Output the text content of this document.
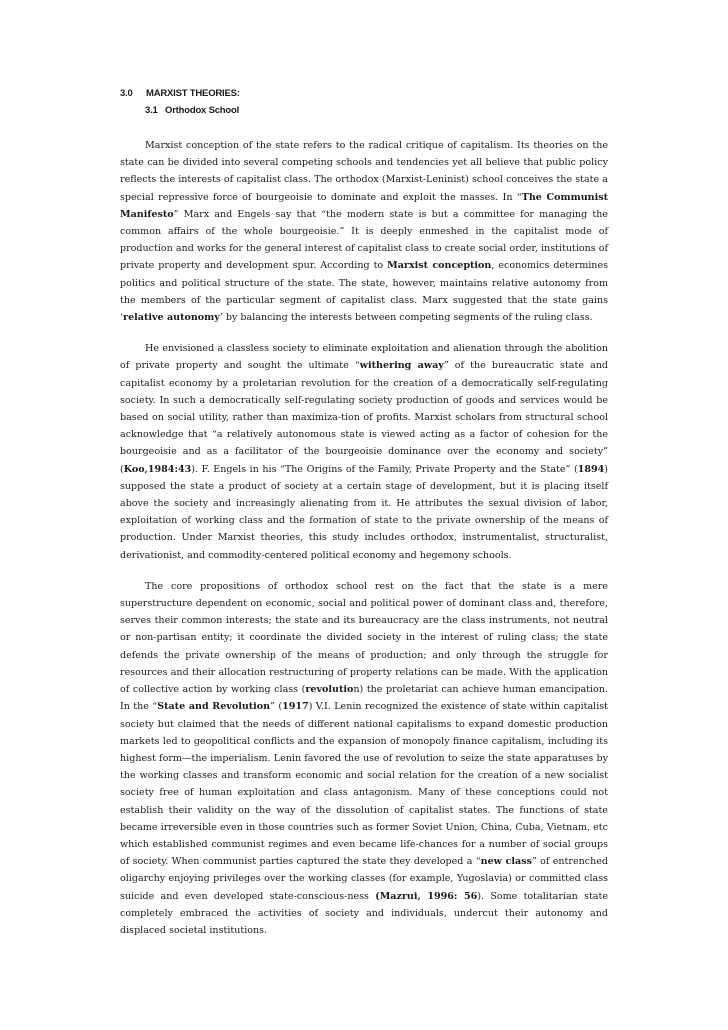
3.0 MARXIST THEORIES:
3.1 Orthodox School

Marxist conception of the state refers to the radical critique of capitalism. Its theories on the state can be divided into several competing schools and tendencies yet all believe that public policy reflects the interests of capitalist class. The orthodox (Marxist-Leninist) school conceives the state a special repressive force of bourgeoisie to dominate and exploit the masses. In “The Communist Manifesto” Marx and Engels say that “the modern state is but a committee for managing the common affairs of the whole bourgeoisie.” It is deeply enmeshed in the capitalist mode of production and works for the general interest of capitalist class to create social order, institutions of private property and development spur. According to Marxist conception, economics determines politics and political structure of the state. The state, however, maintains relative autonomy from the members of the particular segment of capitalist class. Marx suggested that the state gains ‘relative autonomy’ by balancing the interests between competing segments of the ruling class.

He envisioned a classless society to eliminate exploitation and alienation through the abolition of private property and sought the ultimate “withering away” of the bureaucratic state and capitalist economy by a proletarian revolution for the creation of a democratically self-regulating society. In such a democratically self-regulating society production of goods and services would be based on social utility, rather than maximiza-tion of profits. Marxist scholars from structural school acknowledge that “a relatively autonomous state is viewed acting as a factor of cohesion for the bourgeoisie and as a facilitator of the bourgeoisie dominance over the economy and society” (Koo,1984:43). F. Engels in his “The Origins of the Family, Private Property and the State” (1894) supposed the state a product of society at a certain stage of development, but it is placing itself above the society and increasingly alienating from it. He attributes the sexual division of labor, exploitation of working class and the formation of state to the private ownership of the means of production. Under Marxist theories, this study includes orthodox, instrumentalist, structuralist, derivationist, and commodity-centered political economy and hegemony schools.

The core propositions of orthodox school rest on the fact that the state is a mere superstructure dependent on economic, social and political power of dominant class and, therefore, serves their common interests; the state and its bureaucracy are the class instruments, not neutral or non-partisan entity; it coordinate the divided society in the interest of ruling class; the state defends the private ownership of the means of production; and only through the struggle for resources and their allocation restructuring of property relations can be made. With the application of collective action by working class (revolution) the proletariat can achieve human emancipation. In the “State and Revolution” (1917) V.I. Lenin recognized the existence of state within capitalist society but claimed that the needs of different national capitalisms to expand domestic production markets led to geopolitical conflicts and the expansion of monopoly finance capitalism, including its highest form—the imperialism. Lenin favored the use of revolution to seize the state apparatuses by the working classes and transform economic and social relation for the creation of a new socialist society free of human exploitation and class antagonism. Many of these conceptions could not establish their validity on the way of the dissolution of capitalist states. The functions of state became irreversible even in those countries such as former Soviet Union, China, Cuba, Vietnam, etc which established communist regimes and even became life-chances for a number of social groups of society. When communist parties captured the state they developed a “new class” of entrenched oligarchy enjoying privileges over the working classes (for example, Yugoslavia) or committed class suicide and even developed state-conscious-ness (Mazrui, 1996: 56). Some totalitarian state completely embraced the activities of society and individuals, undercut their autonomy and displaced societal institutions.
